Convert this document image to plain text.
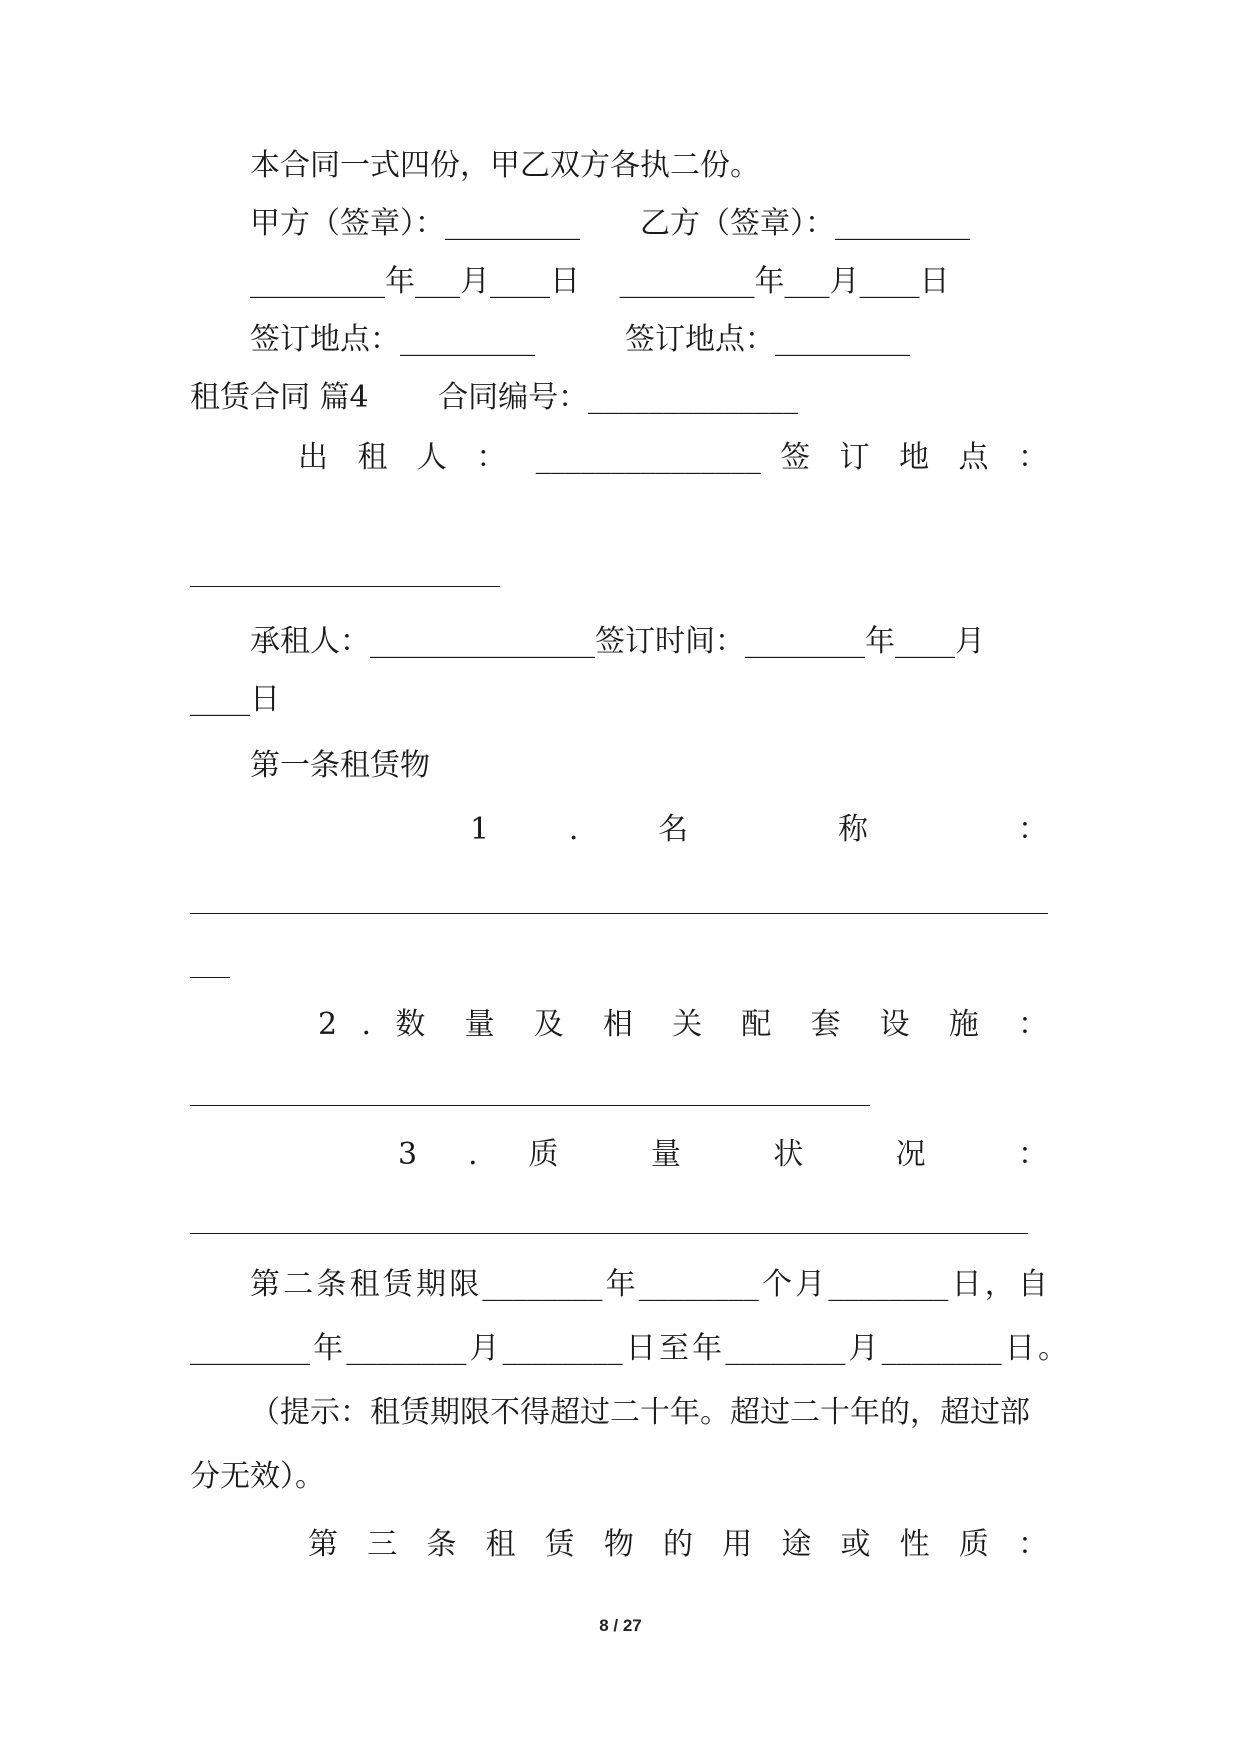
本合同一式四份，甲乙双方各执二份。

甲方（签章）：_________　　乙方（签章）：_________

_________年___月____日　 _________年___月____日

签订地点：_________　　　签订地点：_________

租赁合同 篇4　　 合同编号：______________

出 租 人 ： _______________ 签 订 地 点 ：

承租人：_______________签订时间：________年____月

____日

第一条租赁物

1 . 名 称 ：

2 . 数 量 及 相 关 配 套 设 施 ：

3 . 质 量 状 况 ：

第二条租赁期限________年________个月________日，自

________年________月________日至年________月________日。

（提示：租赁期限不得超过二十年。超过二十年的，超过部

分无效）。

第 三 条 租 赁 物 的 用 途 或 性 质 ：

8 / 27
